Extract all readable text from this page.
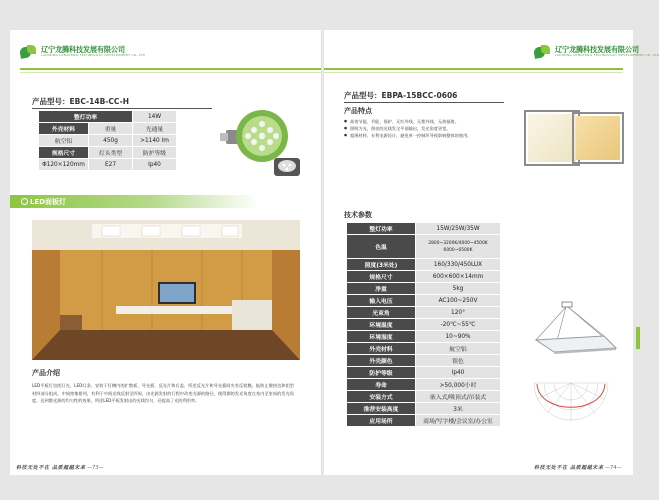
辽宁龙腾科技发展有限公司
LIAONING LONGTENG TECHNOLOGY DEVELOPMENT CO.,LTD
产品型号：EBC-14B-CC-H
整灯功率		14W
外壳材料	重量	光通量
航空铝	450g	>1140 lm
规格尺寸	灯头类型	防护等级
Φ120×120mm	E27	Ip40
LED面板灯
产品介绍
LED平板灯包括灯壳、LED灯条、安装于灯槽内的扩散板、导光板、反光片和后盖，所述反光片和导光板间夹有反射膜，能防止散热边和铝型材四部分组成，中间密集排列，有利于中间光线反射至四周，由光源发射的行程中改变光源的路径，使得测的发光角度在室内至室间的发光角度，达到散光源的均匀性的效果，所述LED平板发射出的光线均匀，还提高了光的利用率。
科技无处不在 品质超越未来 —73—
辽宁龙腾科技发展有限公司
LIAONING LONGTENG TECHNOLOGY DEVELOPMENT CO.,LTD
产品型号：EBPA-15BCC-0606
产品特点
● 高效节能、节能、保护、无红外线、无紫外线、无热辐射。
● 照明为光，照亮的光线发全平面输出，发光角度更宽。
● 超薄材料，专利电源设计，避免单一控制坏导致影响整体的使用。
技术参数
整灯功率	15W/25W/35W
色温	2800~3200K/4000~4500K
6000~6500K
照度(3米处)	160/330/450LUX
规格尺寸	600×600×14mm
净重	5kg
输入电压	AC100~250V
光束角	120°
环境温度	-20℃~55℃
环境湿度	10~90%
外壳材料	航空铝
外壳颜色	银色
防护等级	Ip40
寿命	>50,000小时
安装方式	嵌入式/吸顶式/吊装式
推荐安装高度	3米
应用场所	商场/写字楼/会议室/办公室
科技无处不在 品质超越未来 —74—
